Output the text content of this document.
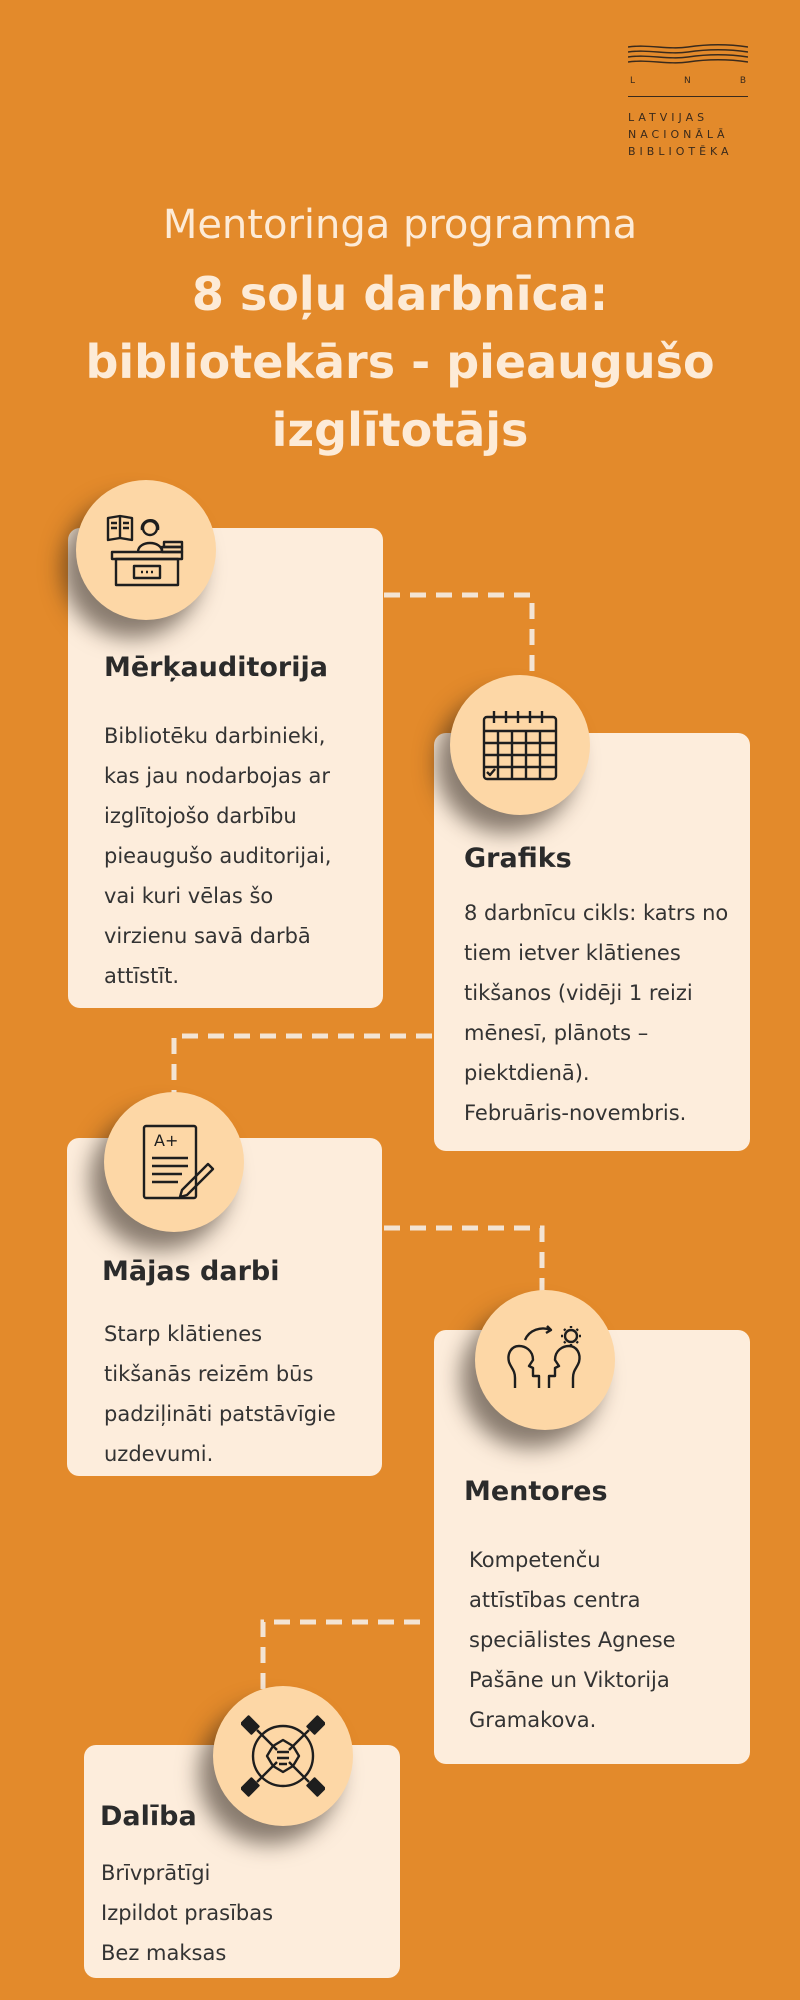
L	N	B
LATVIJAS
NACIONĀLĀ
BIBLIOTĒKA
Mentoringa programma
8 soļu darbnīca:
bibliotekārs - pieaugušo
izglītotājs
Mērķauditorija

Bibliotēku darbinieki,
kas jau nodarbojas ar
izglītojošo darbību
pieaugušo auditorijai,
vai kuri vēlas šo
virzienu savā darbā
attīstīt.

Grafiks

8 darbnīcu cikls: katrs no
tiem ietver klātienes
tikšanos (vidēji 1 reizi
mēnesī, plānots –
piektdienā).
Februāris-novembris.

Mājas darbi

Starp klātienes
tikšanās reizēm būs
padziļināti patstāvīgie
uzdevumi.

A+
Mentores

Kompetenču
attīstības centra
speciālistes Agnese
Pašāne un Viktorija
Gramakova.

Dalība

Brīvprātīgi
Izpildot prasības
Bez maksas
